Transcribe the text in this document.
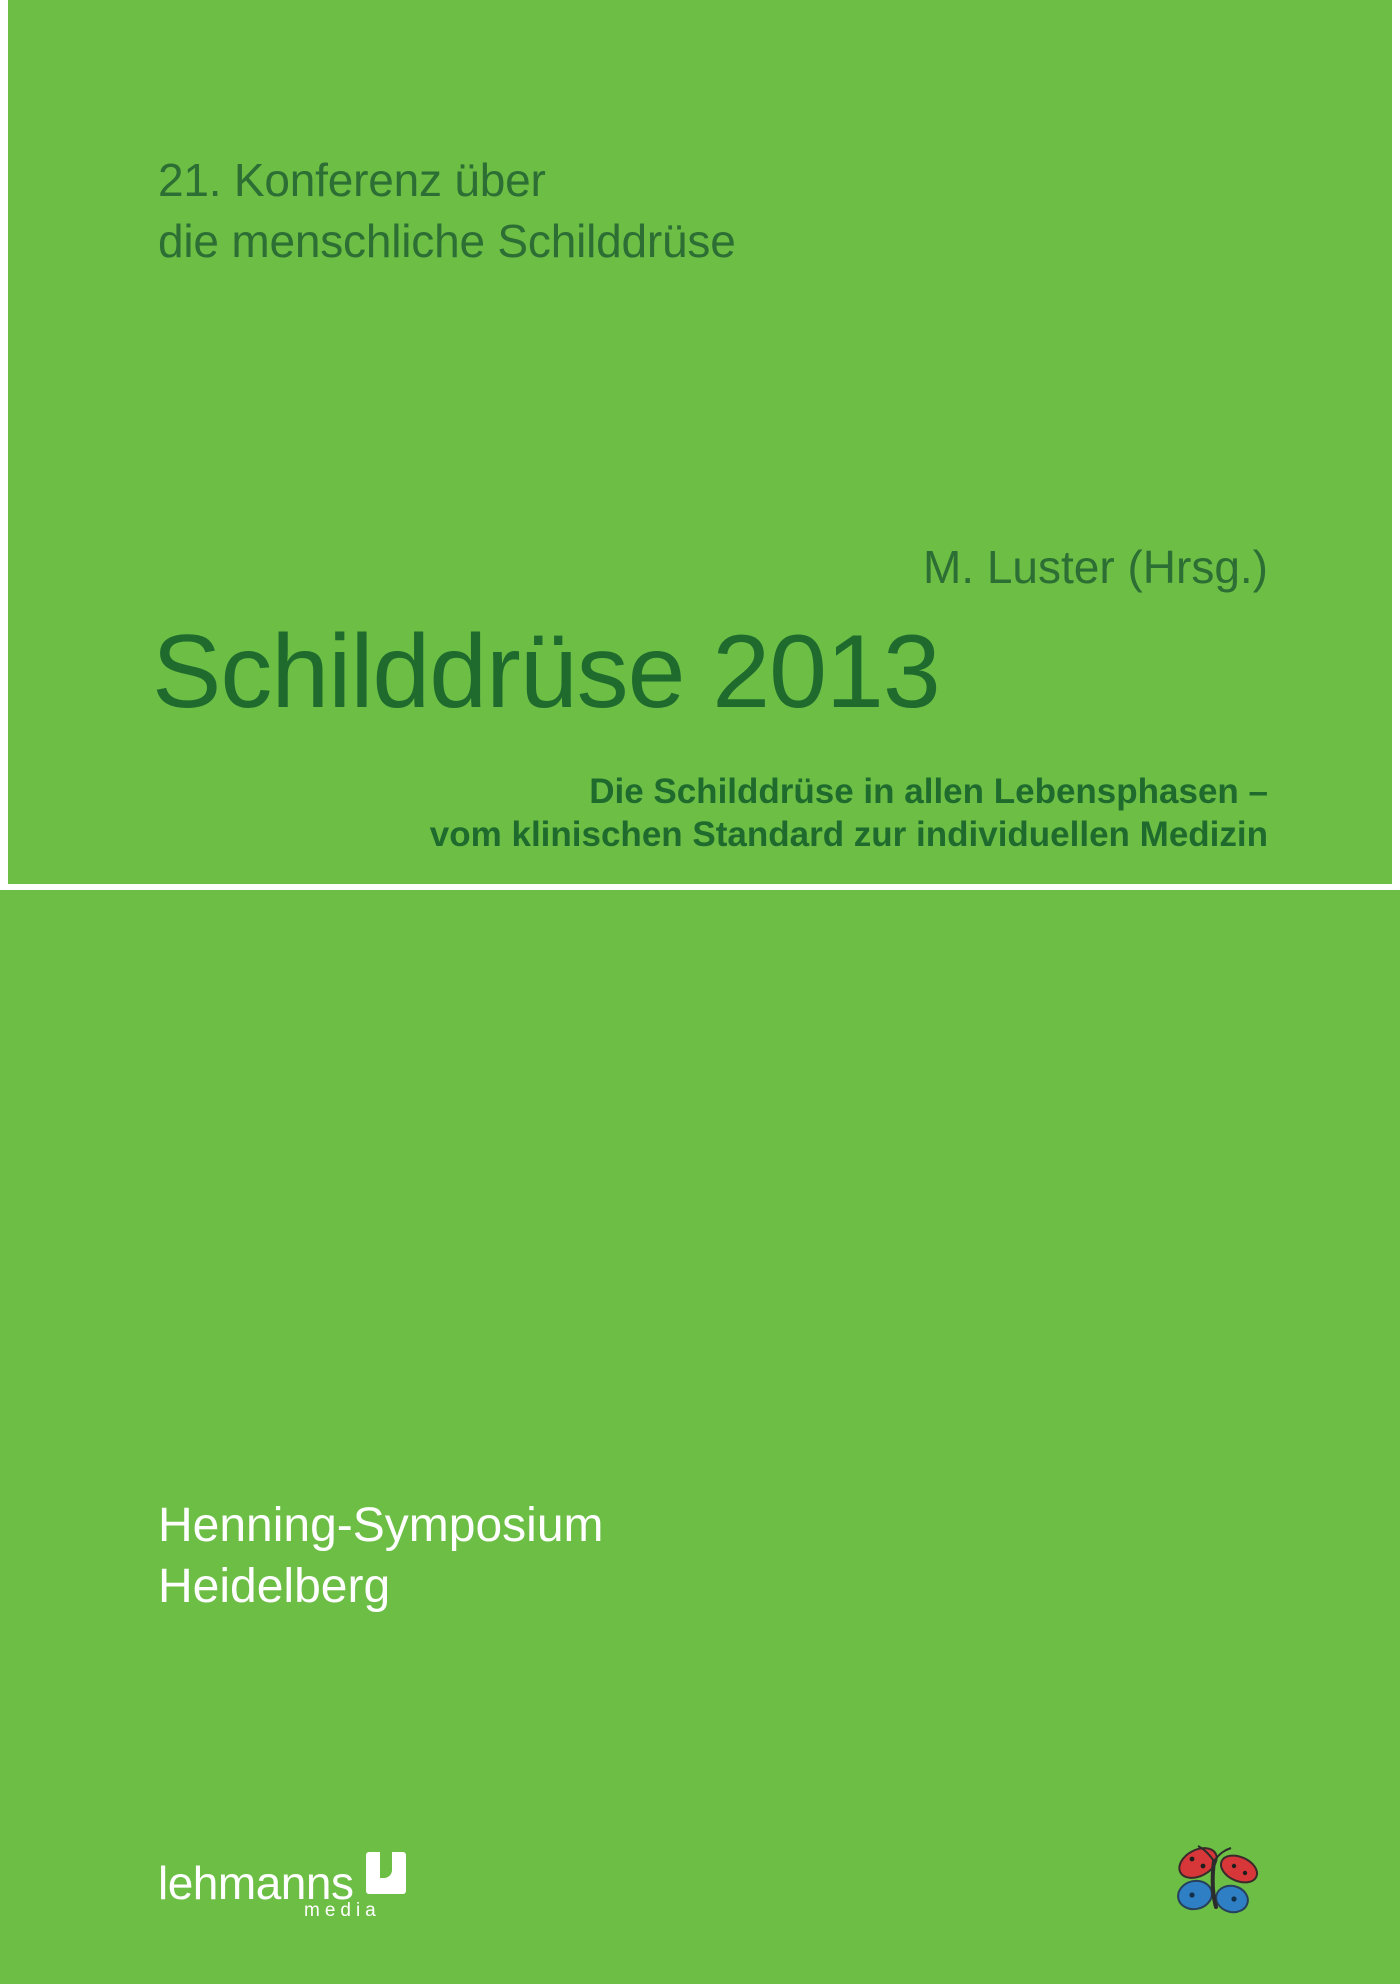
21. Konferenz über
die menschliche Schilddrüse
M. Luster (Hrsg.)
Schilddrüse 2013
Die Schilddrüse in allen Lebensphasen –
vom klinischen Standard zur individuellen Medizin
Henning-Symposium
Heidelberg
lehmanns
media
